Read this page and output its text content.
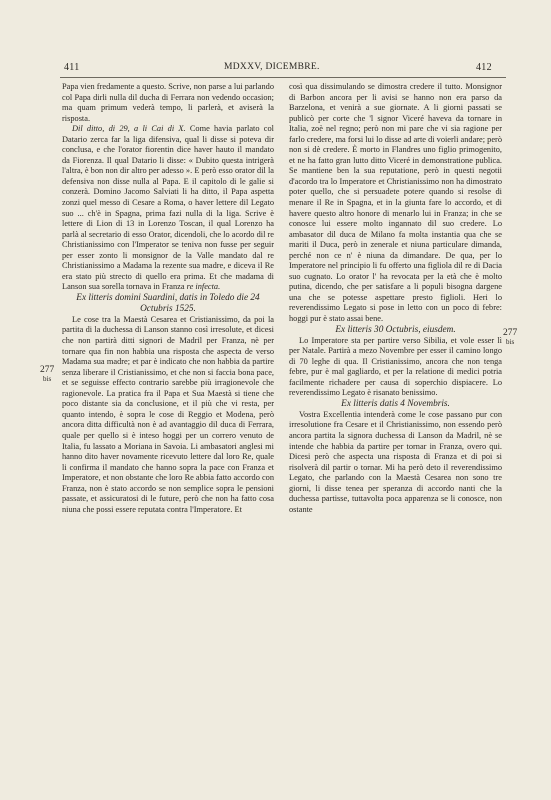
411	MDXXV, DICEMBRE.	412
277
bis
277
bis

Papa vien fredamente a questo. Scrive, non parse a lui parlando col Papa dirli nulla dil ducha di Ferrara non vedendo occasion; ma quam primum vederà tempo, li parlerà, et aviserà la risposta.

Dil ditto, di 29, a li Cai di X. Come havia parlato col Datario zerca far la liga difensiva, qual li disse si poteva dir conclusa, e che l'orator fiorentin dice haver hauto il mandato da Fiorenza. Il qual Datario li disse: « Dubito questa intrigerà l'altra, è bon non dir altro per adesso ». E però esso orator dil la defensiva non disse nulla al Papa. E il capitolo di le galie si conzerà. Domino Jacomo Salviati li ha ditto, il Papa aspetta zonzi quel messo di Cesare a Roma, o haver lettere dil Legato suo ... ch'è in Spagna, prima fazi nulla di la liga. Scrive è lettere di Lion di 13 in Lorenzo Toscan, il qual Lorenzo ha parlà al secretario di esso Orator, dicendoli, che lo acordo dil re Christianissimo con l'Imperator se teniva non fusse per seguir per esser zonto li monsignor de la Valle mandato dal re Christianissimo a Madama la rezente sua madre, e diceva il Re era stato più strecto di quello era prima. Et che madama di Lanson sua sorella tornava in Franza re infecta.

Ex litteris domini Suardini, datis in Toledo die 24 Octubris 1525.

Le cose tra la Maestà Cesarea et Cristianissimo, da poi la partita di la duchessa di Lanson stanno così irresolute, et dicesi che non partirà ditti signori de Madril per Franza, nè per tornare qua fin non habbia una risposta che aspecta de verso Madama sua madre; et par è indicato che non habbia da partire senza liberare il Cristianissimo, et che non si faccia bona pace, et se seguisse effecto contrario sarebbe più irragionevole che ragionevole. La pratica fra il Papa et Sua Maestà si tiene che poco distante sia da conclusione, et il più che vi resta, per quanto intendo, è sopra le cose di Reggio et Modena, però ancora ditta difficultà non è ad avantaggio dil duca di Ferrara, quale per quello si è inteso hoggi per un correro venuto de Italia, fu lassato a Moriana in Savoia. Li ambasatori anglesi mi hanno dito haver novamente ricevuto lettere dal loro Re, quale li confirma il mandato che hanno sopra la pace con Franza et Imperatore, et non obstante che loro Re abbia fatto accordo con Franza, non è stato accordo se non semplice sopra le pensioni passate, et assicuratosi di le future, però che non ha fatto cosa niuna che possi essere reputata contra l'Imperatore. Et

così qua dissimulando se dimostra credere il tutto. Monsignor di Barbon ancora per li avisi se hanno non era parso da Barzelona, et venirà a sue giornate. A li giorni passati se publicò per corte che 'l signor Viceré haveva da tornare in Italia, zoè nel regno; però non mi pare che vi sia ragione per farlo credere, ma forsi lui lo disse ad arte di voierli andare; però non si dè credere. È morto in Flandres uno figlio primogenito, et ne ha fatto gran lutto ditto Viceré in demonstratione publica. Se mantiene ben la sua reputatione, però in questi negotii d'acordo tra lo Imperatore et Christianissimo non ha dimostrato poter quello, che si persuadete potere quando si resolse di menare il Re in Spagna, et in la giunta fare lo accordo, et di havere questo altro honore di menarlo lui in Franza; in che se conosce lui essere molto ingannato dil suo credere. Lo ambasator dil duca de Milano fa molta instantia qua che se mariti il Duca, però in zenerale et niuna particulare dimanda, perché non ce n' è niuna da dimandare. De qua, per lo Imperatore nel principio li fu offerto una figliola dil re di Dacia suo cugnato. Lo orator l' ha revocata per la età che è molto putina, dicendo, che per satisfare a li populi bisogna dargene una che se potesse aspettare presto figlioli. Heri lo reverendissimo Legato si pose in letto con un poco di febre: hoggi pur è stato assai bene.

Ex litteris 30 Octubris, eiusdem.

Lo Imperatore sta per partire verso Sibilia, et vole esser lì per Natale. Partirà a mezo Novembre per esser il camino longo di 70 leghe di qua. Il Cristianissimo, ancora che non tenga febre, pur è mal gagliardo, et per la relatione di medici potria facilmente richadere per causa di soperchio dispiacere. Lo reverendissimo Legato è risanato benissimo.

Ex litteris datis 4 Novembris.

Vostra Excellentia intenderà come le cose passano pur con irresolutione fra Cesare et il Christianissimo, non essendo però ancora partita la signora duchessa di Lanson da Madril, nè se intende che habbia da partire per tornar in Franza, overo qui. Dicesi però che aspecta una risposta di Franza et di poi si risolverà dil partir o tornar. Mi ha però deto il reverendissimo Legato, che parlando con la Maestà Cesarea non sono tre giorni, li disse tenea per speranza di accordo nanti che la duchessa partisse, tuttavolta poca apparenza se li conosce, non ostante
